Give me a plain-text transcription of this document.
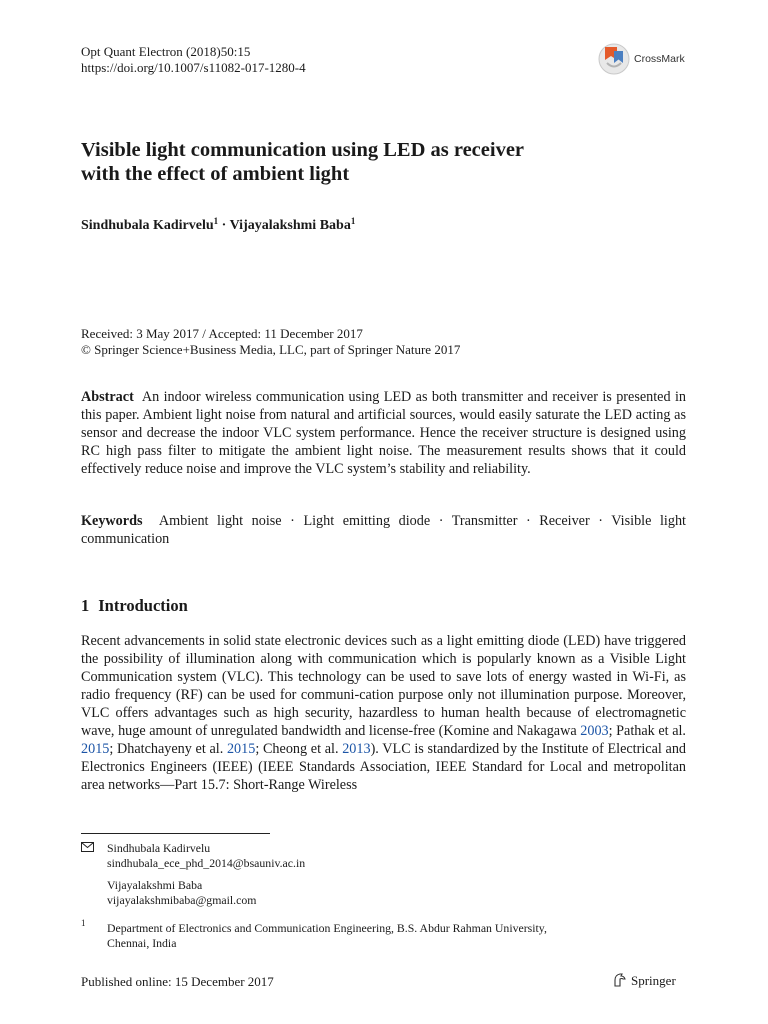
Opt Quant Electron (2018)50:15
https://doi.org/10.1007/s11082-017-1280-4
CrossMark
Visible light communication using LED as receiver
with the effect of ambient light
Sindhubala Kadirvelu$^1$ · Vijayalakshmi Baba$^1$
Received: 3 May 2017 / Accepted: 11 December 2017
© Springer Science+Business Media, LLC, part of Springer Nature 2017
Abstract An indoor wireless communication using LED as both transmitter and receiver is presented in this paper. Ambient light noise from natural and artificial sources, would easily saturate the LED acting as sensor and decrease the indoor VLC system performance. Hence the receiver structure is designed using RC high pass filter to mitigate the ambient light noise. The measurement results shows that it could effectively reduce noise and improve the VLC system’s stability and reliability.
Keywords Ambient light noise · Light emitting diode · Transmitter · Receiver · Visible light communication
1 Introduction
Recent advancements in solid state electronic devices such as a light emitting diode (LED) have triggered the possibility of illumination along with communication which is popularly known as a Visible Light Communication system (VLC). This technology can be used to save lots of energy wasted in Wi-Fi, as radio frequency (RF) can be used for communi-cation purpose only not illumination purpose. Moreover, VLC offers advantages such as high security, hazardless to human health because of electromagnetic wave, huge amount of unregulated bandwidth and license-free (Komine and Nakagawa 2003; Pathak et al. 2015; Dhatchayeny et al. 2015; Cheong et al. 2013). VLC is standardized by the Institute of Electrical and Electronics Engineers (IEEE) (IEEE Standards Association, IEEE Standard for Local and metropolitan area networks—Part 15.7: Short-Range Wireless
Sindhubala Kadirvelu
sindhubala_ece_phd_2014@bsauniv.ac.in
Vijayalakshmi Baba
vijayalakshmibaba@gmail.com
1 Department of Electronics and Communication Engineering, B.S. Abdur Rahman University,
Chennai, India
Published online: 15 December 2017	Springer
